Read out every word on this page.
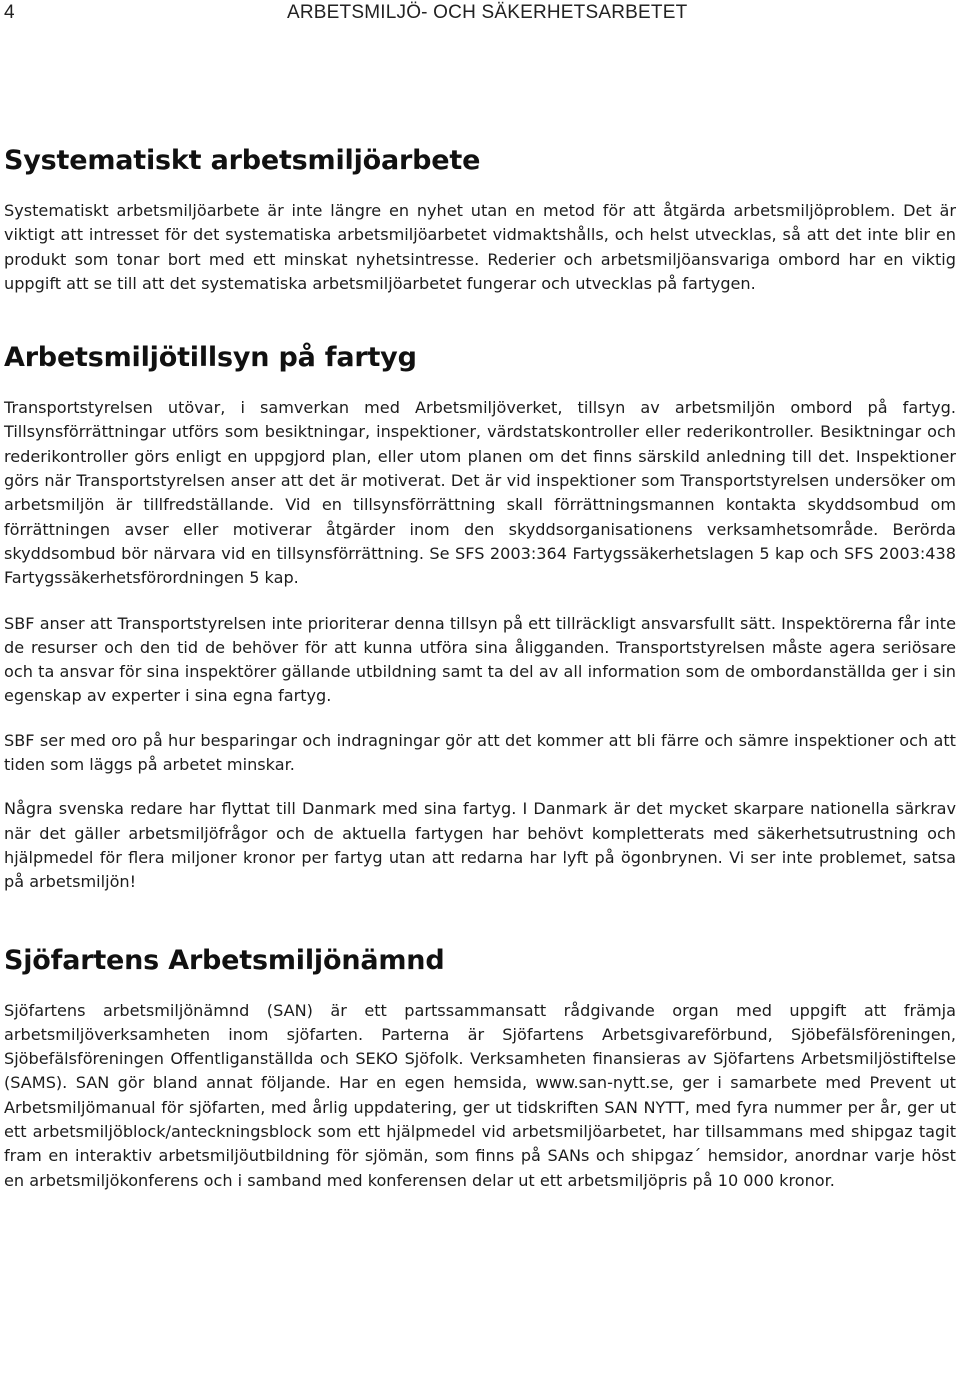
4	ARBETSMILJÖ- OCH SÄKERHETSARBETET
Systematiskt arbetsmiljöarbete

Systematiskt arbetsmiljöarbete är inte längre en nyhet utan en metod för att åtgärda arbetsmiljöproblem. Det är viktigt att intresset för det systematiska arbetsmiljöarbetet vidmaktshålls, och helst utvecklas, så att det inte blir en produkt som tonar bort med ett minskat nyhetsintresse. Rederier och arbetsmiljöansvariga ombord har en viktig uppgift att se till att det systematiska arbetsmiljöarbetet fungerar och utvecklas på fartygen.

Arbetsmiljötillsyn på fartyg

Transportstyrelsen utövar, i samverkan med Arbetsmiljöverket, tillsyn av arbetsmiljön ombord på fartyg. Tillsynsförrättningar utförs som besiktningar, inspektioner, värdstatskontroller eller rederikontroller. Besiktningar och rederikontroller görs enligt en uppgjord plan, eller utom planen om det finns särskild anledning till det. Inspektioner görs när Transportstyrelsen anser att det är motiverat. Det är vid inspektioner som Transportstyrelsen undersöker om arbetsmiljön är tillfredställande. Vid en tillsynsförrättning skall förrättningsmannen kontakta skyddsombud om förrättningen avser eller motiverar åtgärder inom den skyddsorganisationens verksamhetsområde. Berörda skyddsombud bör närvara vid en tillsynsförrättning. Se SFS 2003:364 Fartygssäkerhetslagen 5 kap och SFS 2003:438 Fartygssäkerhetsförordningen 5 kap.

SBF anser att Transportstyrelsen inte prioriterar denna tillsyn på ett tillräckligt ansvarsfullt sätt. Inspektörerna får inte de resurser och den tid de behöver för att kunna utföra sina åligganden. Transportstyrelsen måste agera seriösare och ta ansvar för sina inspektörer gällande utbildning samt ta del av all information som de ombordanställda ger i sin egenskap av experter i sina egna fartyg.

SBF ser med oro på hur besparingar och indragningar gör att det kommer att bli färre och sämre inspektioner och att tiden som läggs på arbetet minskar.

Några svenska redare har flyttat till Danmark med sina fartyg. I Danmark är det mycket skarpare nationella särkrav när det gäller arbetsmiljöfrågor och de aktuella fartygen har behövt kompletterats med säkerhetsutrustning och hjälpmedel för flera miljoner kronor per fartyg utan att redarna har lyft på ögonbrynen. Vi ser inte problemet, satsa på arbetsmiljön!

Sjöfartens Arbetsmiljönämnd

Sjöfartens arbetsmiljönämnd (SAN) är ett partssammansatt rådgivande organ med uppgift att främja arbetsmiljöverksamheten inom sjöfarten. Parterna är Sjöfartens Arbetsgivareförbund, Sjöbefälsföreningen, Sjöbefälsföreningen Offentliganställda och SEKO Sjöfolk. Verksamheten finansieras av Sjöfartens Arbetsmiljöstiftelse (SAMS). SAN gör bland annat följande. Har en egen hemsida, www.san-nytt.se, ger i samarbete med Prevent ut Arbetsmiljömanual för sjöfarten, med årlig uppdatering, ger ut tidskriften SAN NYTT, med fyra nummer per år, ger ut ett arbetsmiljöblock/anteckningsblock som ett hjälpmedel vid arbetsmiljöarbetet, har tillsammans med shipgaz tagit fram en interaktiv arbetsmiljöutbildning för sjömän, som finns på SANs och shipgaz´ hemsidor, anordnar varje höst en arbetsmiljökonferens och i samband med konferensen delar ut ett arbetsmiljöpris på 10 000 kronor.
